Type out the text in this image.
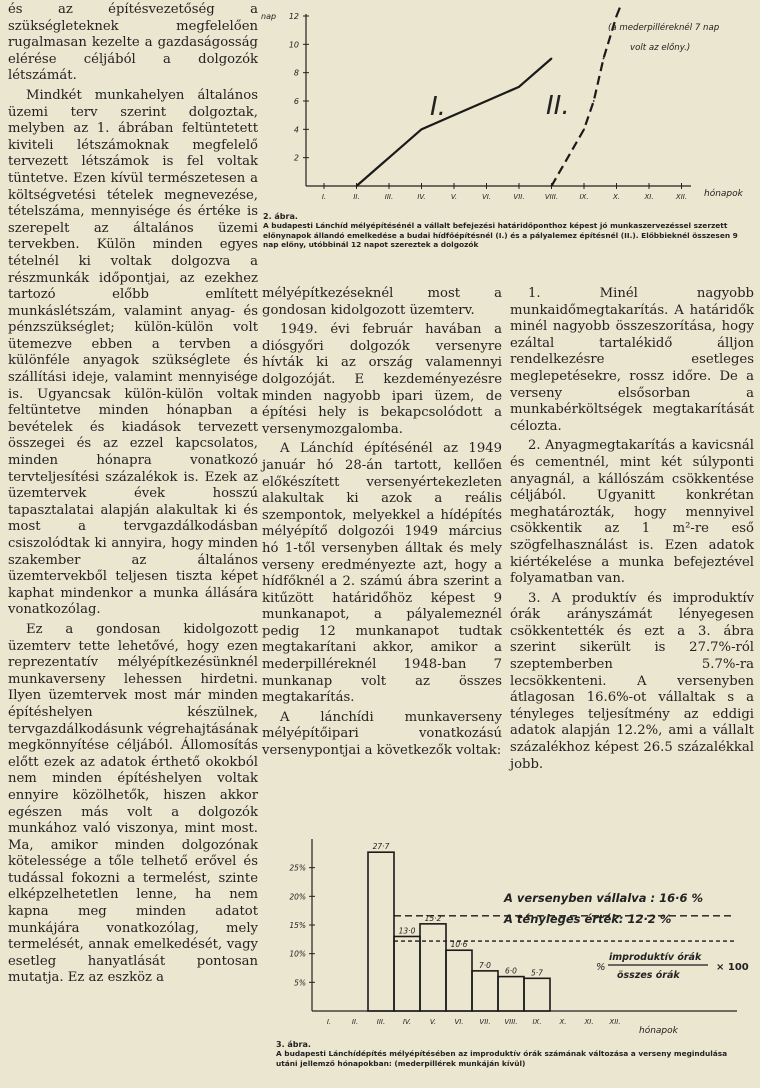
és az építésvezetőség a szükségleteknek megfelelően rugalmasan kezelte a gazdaságosság elérése céljából a dolgozók létszámát.

Mindkét munkahelyen általános üzemi terv szerint dolgoztak, melyben az 1. ábrában feltüntetett kiviteli létszámoknak megfelelő tervezett létszámok is fel voltak tüntetve. Ezen kívül természetesen a költségvetési tételek megnevezése, tételszáma, mennyisége és értéke is szerepelt az általános üzemi tervekben. Külön minden egyes tételnél ki voltak dolgozva a részmunkák időpontjai, az ezekhez tartozó előbb említett munkáslétszám, valamint anyag- és pénzszükséglet; külön-külön volt ütemezve ebben a tervben a különféle anyagok szükséglete és szállítási ideje, valamint mennyisége is. Ugyancsak külön-külön voltak feltüntetve minden hónapban a bevételek és kiadások tervezett összegei és az ezzel kapcsolatos, minden hónapra vonatkozó tervteljesítési százalékok is. Ezek az üzemtervek évek hosszú tapasztalatai alapján alakultak ki és most a tervgazdálkodásban csiszolódtak ki annyira, hogy minden szakember az általános üzemtervekből teljesen tiszta képet kaphat mindenkor a munka állására vonatkozólag.

Ez a gondosan kidolgozott üzemterv tette lehetővé, hogy ezen reprezentatív mélyépítkezésünknél munkaverseny lehessen hirdetni. Ilyen üzemtervek most már minden építéshelyen készülnek, tervgazdálkodásunk végrehajtásának megkönnyítése céljából. Állomosítás előtt ezek az adatok érthető okokból nem minden építéshelyen voltak ennyire közölhetők, hiszen akkor egészen más volt a dolgozók munkához való viszonya, mint most. Ma, amikor minden dolgozónak kötelessége a tőle telhető erővel és tudással fokozni a termelést, szinte elképzelhetetlen lenne, ha nem kapna meg minden adatot munkájára vonatkozólag, mely termelését, annak emelkedését, vagy esetleg hanyatlását pontosan mutatja. Ez az eszköz a

2
4
6
8
10
12
I.	II.	III.	IV.	V.	VI.	VII.	VIII.	IX.	X.	XI.	XII.
nap
hónapok
(a mederpilléreknél 7 nap
volt az előny.)
I.	II.
2. ábra.
A budapesti Lánchíd mélyépítésénél a vállalt befejezési határidőponthoz képest jó munkaszervezéssel szerzett előnynapok állandó emelkedése a budai hídfőépítésnél (I.) és a pályalemez építésnél (II.). Előbbieknél összesen 9 nap előny, utóbbinál 12 napot szereztek a dolgozók

mélyépítkezéseknél most a gondosan kidolgozott üzemterv.

1949. évi február havában a diósgyőri dolgozók versenyre hívták ki az ország valamennyi dolgozóját. E kezdeményezésre minden nagyobb ipari üzem, de építési hely is bekapcsolódott a versenymozgalomba.

A Lánchíd építésénél az 1949 január hó 28-án tartott, kellően előkészített versenyértekezleten alakultak ki azok a reális szempontok, melyekkel a hídépítés mélyépítő dolgozói 1949 március hó 1-től versenyben álltak és mely verseny eredményezte azt, hogy a hídfőknél a 2. számú ábra szerint a kitűzött határidőhöz képest 9 munkanapot, a pályalemeznél pedig 12 munkanapot tudtak megtakarítani akkor, amikor a mederpilléreknél 1948-ban 7 munkanap volt az összes megtakarítás.

A lánchídi munkaverseny mélyépítőipari vonatkozású versenypontjai a következők voltak:

1. Minél nagyobb munkaidőmegtakarítás. A határidők minél nagyobb összeszorítása, hogy ezáltal tartalékidő álljon rendelkezésre esetleges meglepetésekre, rossz időre. De a verseny elsősorban a munkabérköltségek megtakarítását célozta.

2. Anyagmegtakarítás a kavicsnál és cementnél, mint két súlyponti anyagnál, a kállószám csökkentése céljából. Ugyanitt konkrétan meghatározták, hogy mennyivel csökkentik az 1 m²-re eső szögfelhasználást is. Ezen adatok kiértékelése a munka befejeztével folyamatban van.

3. A produktív és improduktív órák arányszámát lényegesen csökkentették és ezt a 3. ábra szerint sikerült is 27.7%-ról szeptemberben 5.7%-ra lecsökkenteni. A versenyben átlagosan 16.6%-ot vállaltak s a tényleges teljesítmény az eddigi adatok alapján 12.2%, ami a vállalt százalékhoz képest 26.5 százalékkal jobb.

5%
10%
15%
20%
25%
I.	II.	III.	IV.	V.	VI. VII. VIII. IX.	X.	XI. XII.
27·7
13·0
15·2
10·6
7·0
6·0 5·7
A versenyben vállalva : 16·6 %
A tényleges érték: 12·2 %
%
improduktív órák
összes órák
× 100
hónapok
3. ábra.
A budapesti Lánchídépítés mélyépítésében az improduktív órák számának változása a verseny megindulása utáni jellemző hónapokban: (mederpillérek munkáján kívül)
